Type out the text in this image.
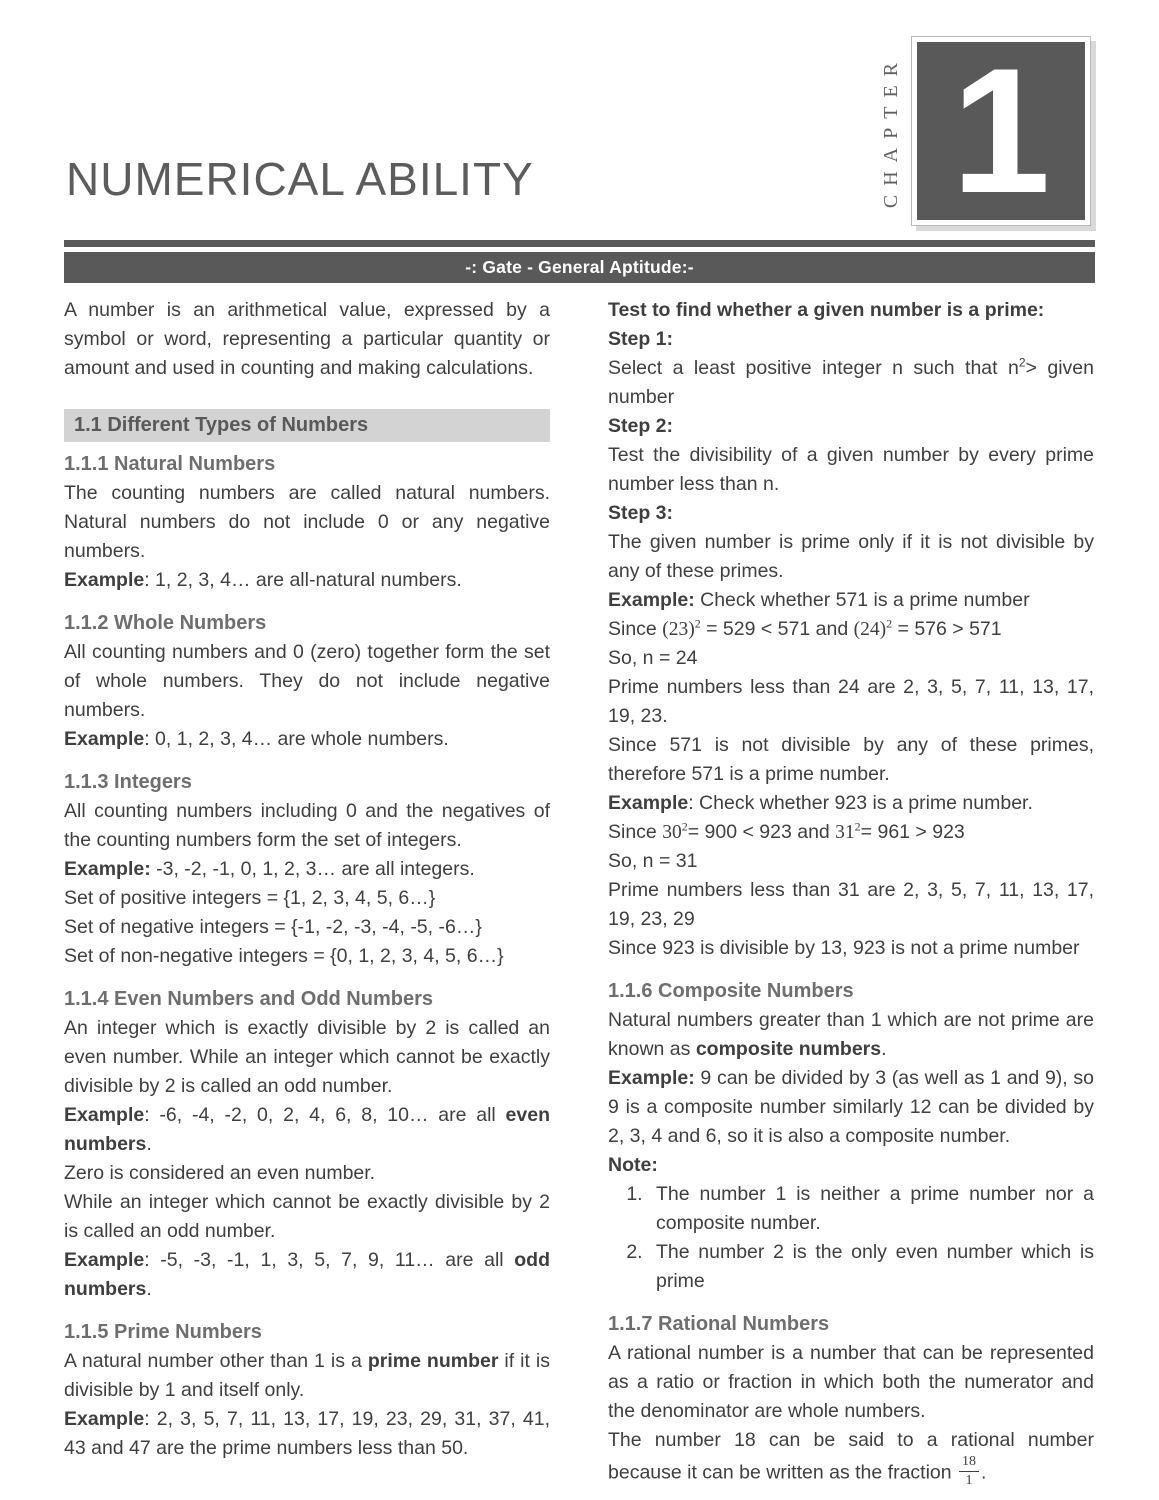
NUMERICAL ABILITY	CHAPTER 1
-: Gate - General Aptitude:-
A number is an arithmetical value, expressed by a symbol or word, representing a particular quantity or amount and used in counting and making calculations.
1.1 Different Types of Numbers
1.1.1 Natural Numbers
The counting numbers are called natural numbers. Natural numbers do not include 0 or any negative numbers.
Example: 1, 2, 3, 4… are all-natural numbers.
1.1.2 Whole Numbers
All counting numbers and 0 (zero) together form the set of whole numbers. They do not include negative numbers.
Example: 0, 1, 2, 3, 4… are whole numbers.
1.1.3 Integers
All counting numbers including 0 and the negatives of the counting numbers form the set of integers.
Example: -3, -2, -1, 0, 1, 2, 3… are all integers.
Set of positive integers = {1, 2, 3, 4, 5, 6…}
Set of negative integers = {-1, -2, -3, -4, -5, -6…}
Set of non-negative integers = {0, 1, 2, 3, 4, 5, 6…}
1.1.4 Even Numbers and Odd Numbers
An integer which is exactly divisible by 2 is called an even number. While an integer which cannot be exactly divisible by 2 is called an odd number.
Example: -6, -4, -2, 0, 2, 4, 6, 8, 10… are all even numbers.
Zero is considered an even number.
While an integer which cannot be exactly divisible by 2 is called an odd number.
Example: -5, -3, -1, 1, 3, 5, 7, 9, 11… are all odd numbers.
1.1.5 Prime Numbers
A natural number other than 1 is a prime number if it is divisible by 1 and itself only.
Example: 2, 3, 5, 7, 11, 13, 17, 19, 23, 29, 31, 37, 41, 43 and 47 are the prime numbers less than 50.
Test to find whether a given number is a prime:
Step 1:
Select a least positive integer n such that $n^2>$ given number
Step 2:
Test the divisibility of a given number by every prime number less than n.
Step 3:
The given number is prime only if it is not divisible by any of these primes.
Example: Check whether 571 is a prime number
Since $(23)^2 = 529 < 571$ and $(24)^2 = 576 > 571$
So, n = 24
Prime numbers less than 24 are 2, 3, 5, 7, 11, 13, 17, 19, 23.
Since 571 is not divisible by any of these primes, therefore 571 is a prime number.
Example: Check whether 923 is a prime number.
Since $30^2= 900 < 923$ and $31^2= 961 > 923$
So, n = 31
Prime numbers less than 31 are 2, 3, 5, 7, 11, 13, 17, 19, 23, 29
Since 923 is divisible by 13, 923 is not a prime number
1.1.6 Composite Numbers
Natural numbers greater than 1 which are not prime are known as composite numbers.
Example: 9 can be divided by 3 (as well as 1 and 9), so 9 is a composite number similarly 12 can be divided by 2, 3, 4 and 6, so it is also a composite number.
Note:
1. The number 1 is neither a prime number nor a composite number.
2. The number 2 is the only even number which is prime
1.1.7 Rational Numbers
A rational number is a number that can be represented as a ratio or fraction in which both the numerator and the denominator are whole numbers.
The number 18 can be said to a rational number because it can be written as the fraction $\frac{18}{1}$ .
